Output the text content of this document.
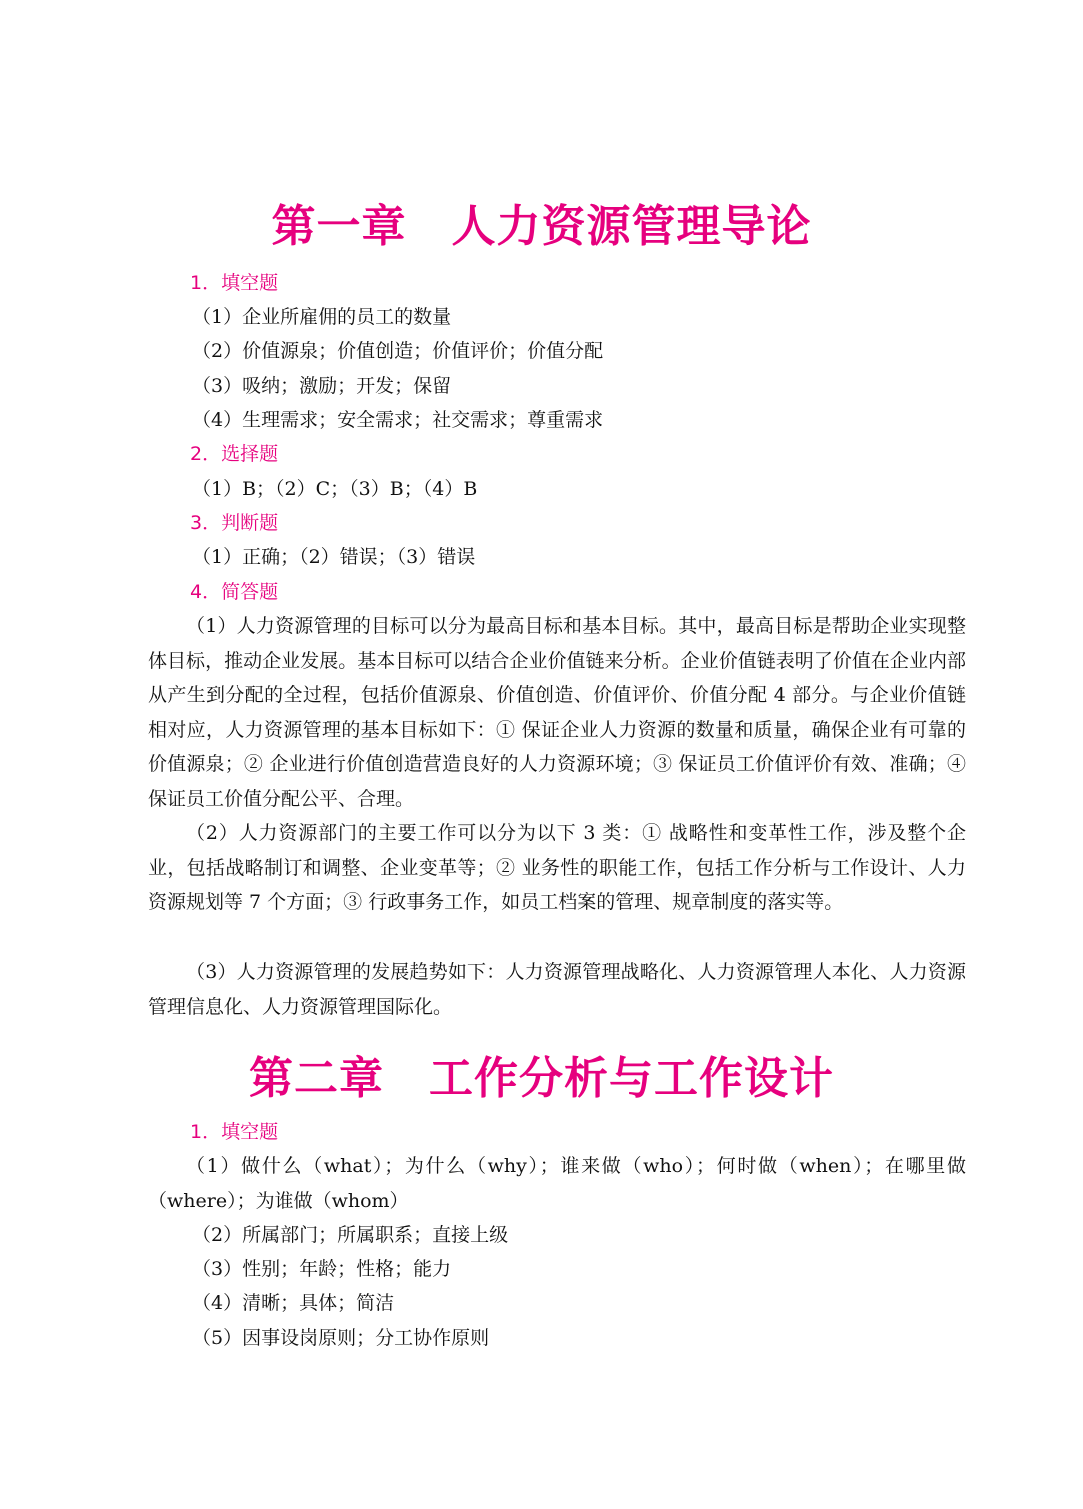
第一章　人力资源管理导论
1．填空题
（1）企业所雇佣的员工的数量
（2）价值源泉；价值创造；价值评价；价值分配
（3）吸纳；激励；开发；保留
（4）生理需求；安全需求；社交需求；尊重需求
2．选择题
（1）B；（2）C；（3）B；（4）B
3．判断题
（1）正确；（2）错误；（3）错误
4．简答题
（1）人力资源管理的目标可以分为最高目标和基本目标。其中，最高目标是帮助企业实现整体目标，推动企业发展。基本目标可以结合企业价值链来分析。企业价值链表明了价值在企业内部从产生到分配的全过程，包括价值源泉、价值创造、价值评价、价值分配 4 部分。与企业价值链相对应，人力资源管理的基本目标如下：① 保证企业人力资源的数量和质量，确保企业有可靠的价值源泉；② 企业进行价值创造营造良好的人力资源环境；③ 保证员工价值评价有效、准确；④ 保证员工价值分配公平、合理。
（2）人力资源部门的主要工作可以分为以下 3 类：① 战略性和变革性工作，涉及整个企业，包括战略制订和调整、企业变革等；② 业务性的职能工作，包括工作分析与工作设计、人力资源规划等 7 个方面；③ 行政事务工作，如员工档案的管理、规章制度的落实等。
（3）人力资源管理的发展趋势如下：人力资源管理战略化、人力资源管理人本化、人力资源管理信息化、人力资源管理国际化。
第二章　工作分析与工作设计
1．填空题
（1）做什么（what）；为什么（why）；谁来做（who）；何时做（when）；在哪里做（where）；为谁做（whom）
（2）所属部门；所属职系；直接上级
（3）性别；年龄；性格；能力
（4）清晰；具体；简洁
（5）因事设岗原则；分工协作原则
